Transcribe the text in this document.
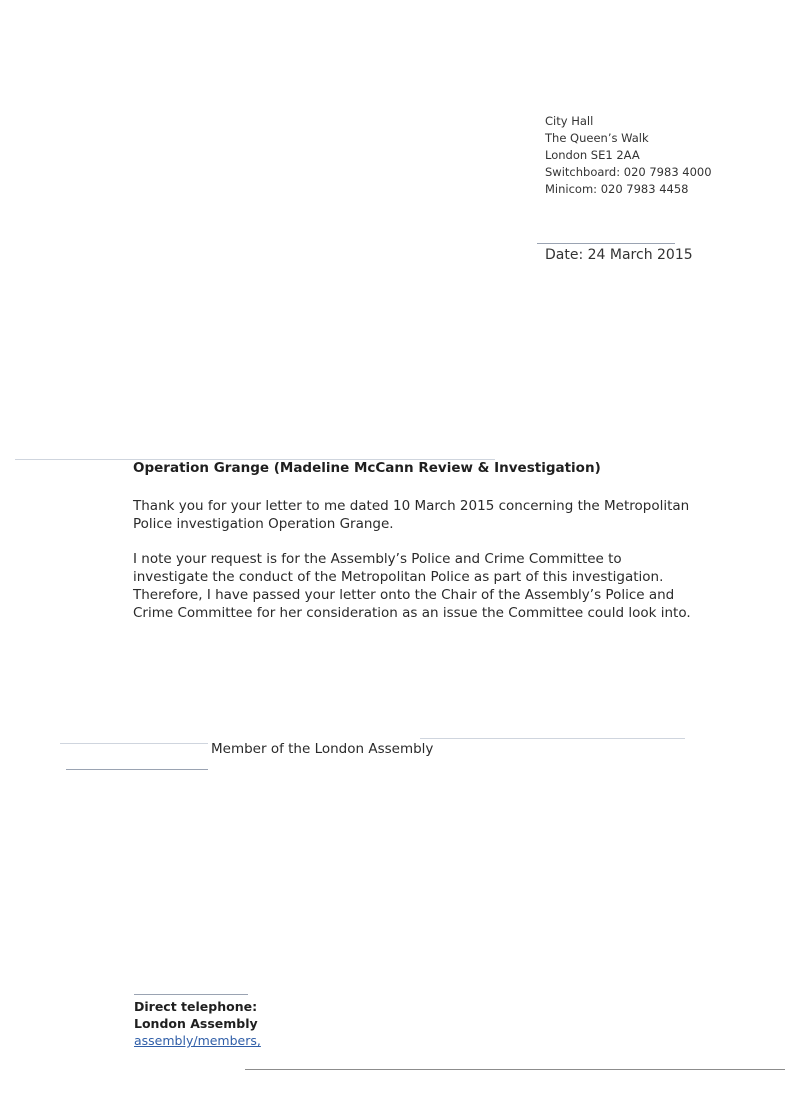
City Hall
The Queen’s Walk
London SE1 2AA
Switchboard: 020 7983 4000
Minicom: 020 7983 4458
Date: 24 March 2015
Operation Grange (Madeline McCann Review & Investigation)
Thank you for your letter to me dated 10 March 2015 concerning the Metropolitan Police investigation Operation Grange.
I note your request is for the Assembly’s Police and Crime Committee to investigate the conduct of the Metropolitan Police as part of this investigation. Therefore, I have passed your letter onto the Chair of the Assembly’s Police and Crime Committee for her consideration as an issue the Committee could look into.
Member of the London Assembly
Direct telephone:
London Assembly
assembly/members,
